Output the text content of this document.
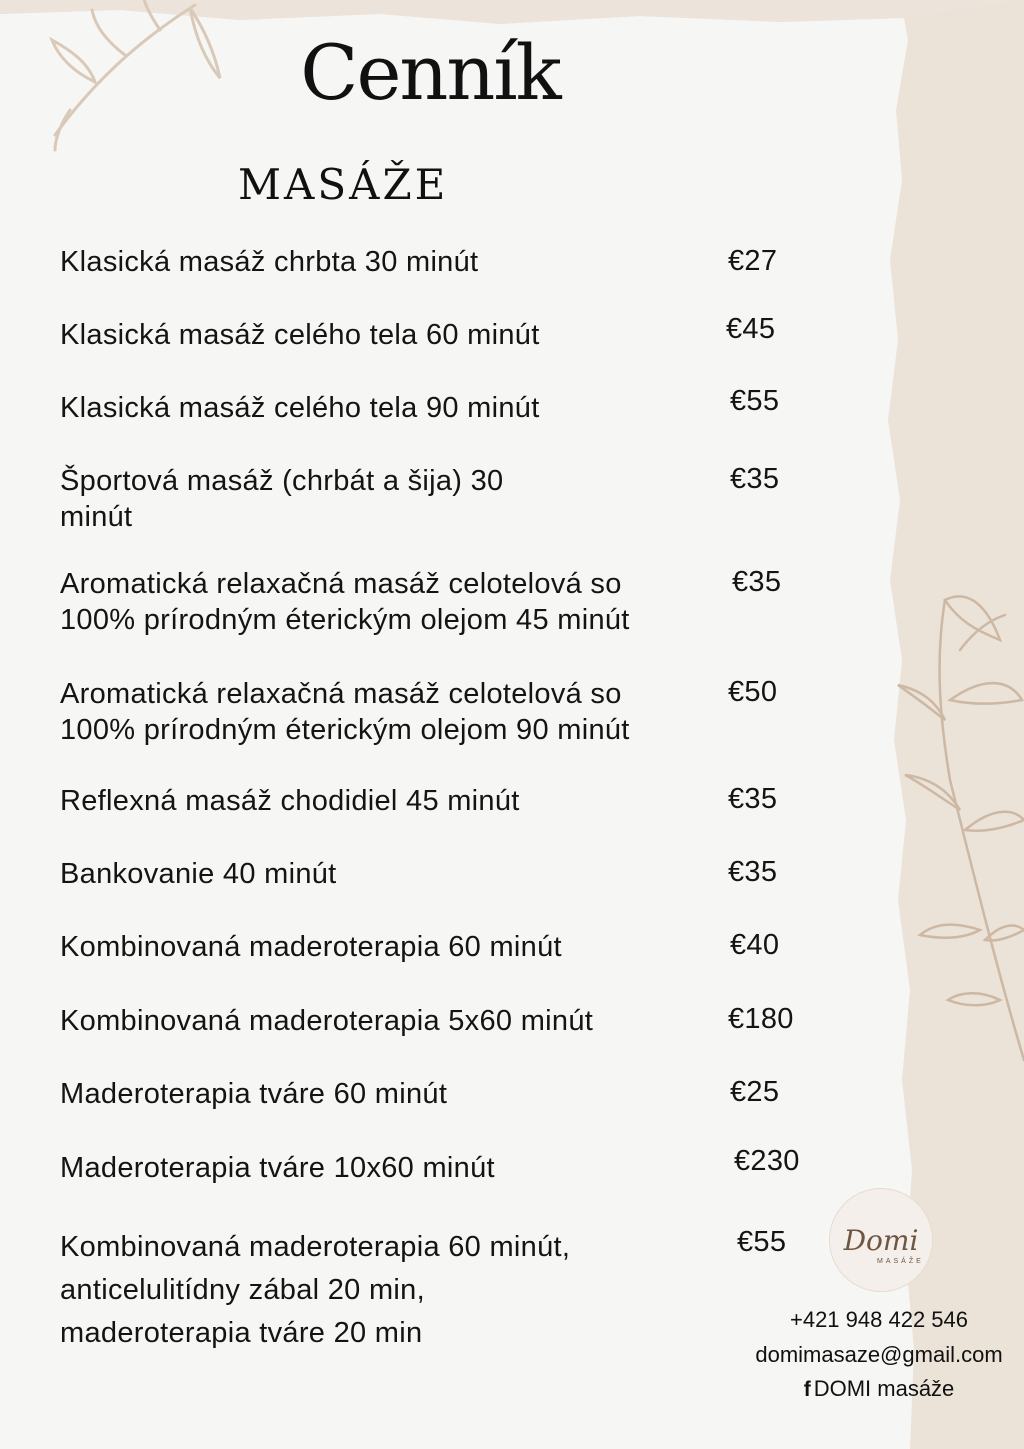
Cenník
MASÁŽE
Klasická masáž chrbta 30 minút	€27
Klasická masáž celého tela 60 minút	€45
Klasická masáž celého tela 90 minút	€55
Športová masáž (chrbát a šija) 30
minút
€35
Aromatická relaxačná masáž celotelová so
100% prírodným éterickým olejom 45 minút
€35
Aromatická relaxačná masáž celotelová so
100% prírodným éterickým olejom 90 minút
€50
Reflexná masáž chodidiel 45 minút	€35
Bankovanie 40 minút	€35
Kombinovaná maderoterapia 60 minút	€40
Kombinovaná maderoterapia 5x60 minút	€180
Maderoterapia tváre 60 minút	€25
Maderoterapia tváre 10x60 minút	€230
Kombinovaná maderoterapia 60 minút,
anticelulitídny zábal 20 min,
maderoterapia tváre 20 min
€55	Domi
MASÁŽE
+421 948 422 546
domimasaze@gmail.com
f DOMI masáže
